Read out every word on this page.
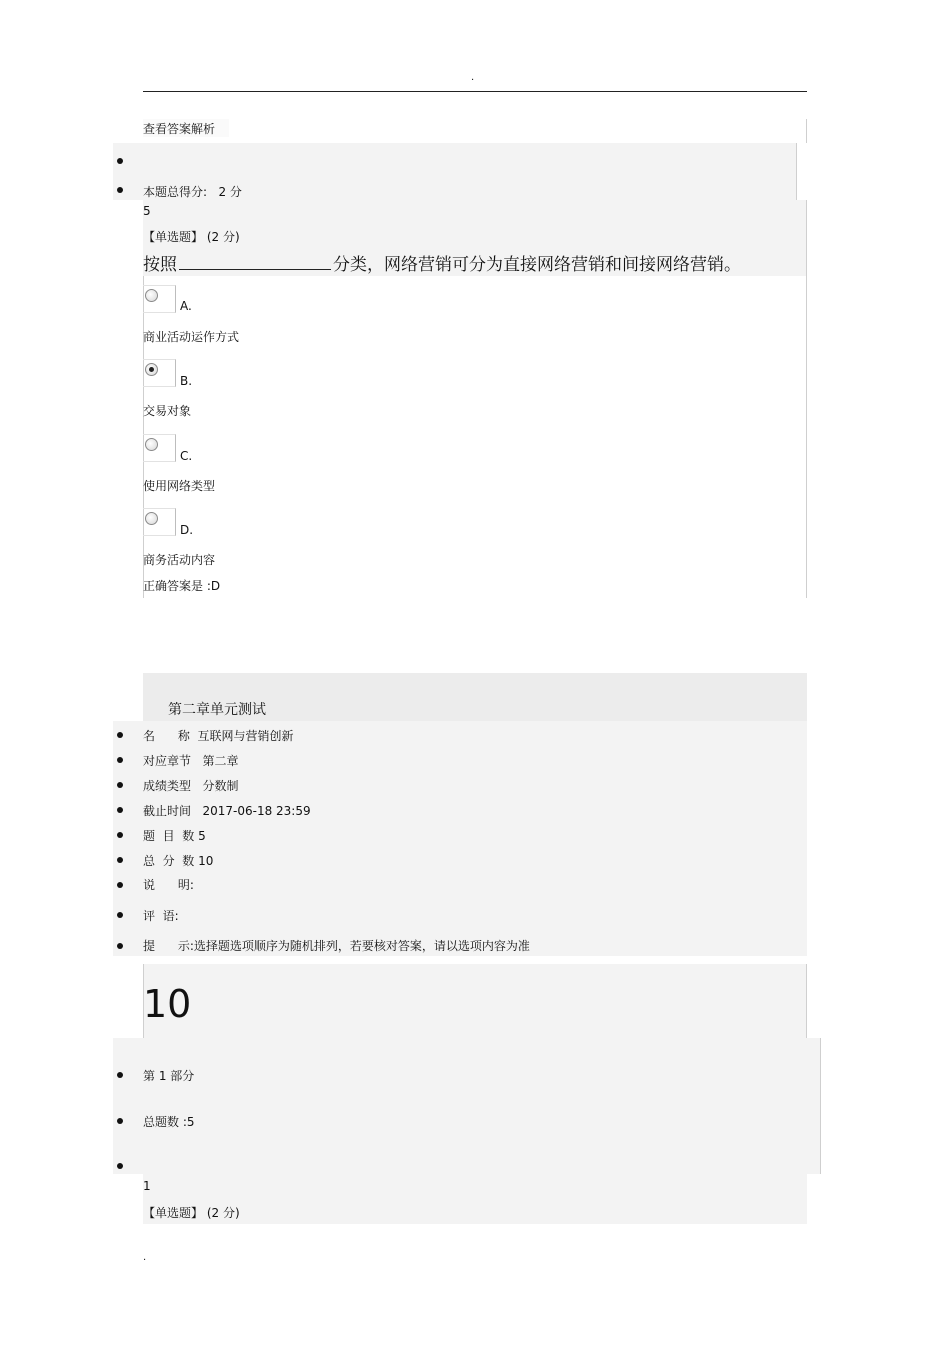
.
查看答案解析
本题总得分:   2 分
5
【单选题】 (2 分)
按照	分类，网络营销可分为直接网络营销和间接网络营销。
A.
商业活动运作方式
B.
交易对象
C.
使用网络类型
D.
商务活动内容
正确答案是 :D
第二章单元测试
名      称 互联网与营销创新
对应章节 第二章
成绩类型 分数制
截止时间 2017-06-18 23:59
题  目  数 5
总  分  数 10
说      明:
评  语:
提      示:选择题选项顺序为随机排列，若要核对答案，请以选项内容为准
10
第 1 部分
总题数 :5
1
【单选题】 (2 分)
.
